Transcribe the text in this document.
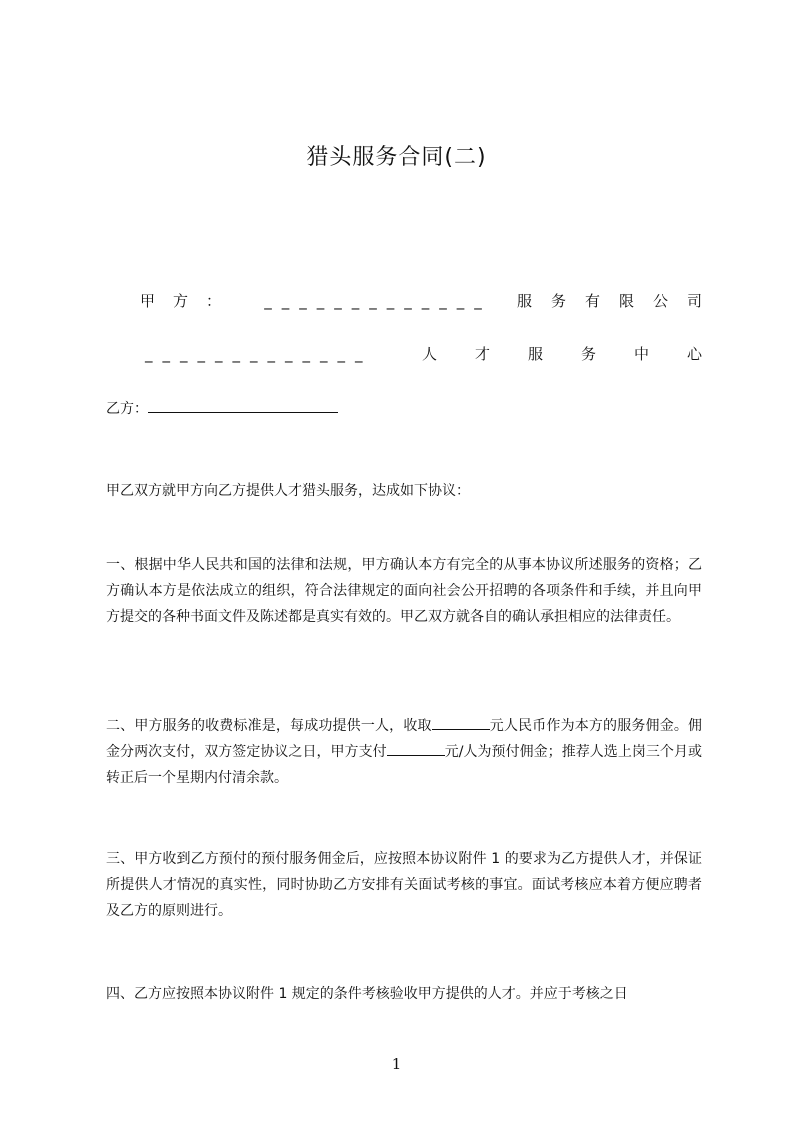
猎头服务合同(二)
甲方： _____________ 服务有限公司
_____________	人才服务中心
乙方：
甲乙双方就甲方向乙方提供人才猎头服务，达成如下协议：
一、根据中华人民共和国的法律和法规，甲方确认本方有完全的从事本协议所述服务的资格；乙方确认本方是依法成立的组织，符合法律规定的面向社会公开招聘的各项条件和手续，并且向甲方提交的各种书面文件及陈述都是真实有效的。甲乙双方就各自的确认承担相应的法律责任。
二、甲方服务的收费标准是，每成功提供一人，收取	元人民币作为本方的服务佣金。佣金分两次支付，双方签定协议之日，甲方支付	元/人为预付佣金；推荐人选上岗三个月或转正后一个星期内付清余款。
三、甲方收到乙方预付的预付服务佣金后，应按照本协议附件 1 的要求为乙方提供人才，并保证所提供人才情况的真实性，同时协助乙方安排有关面试考核的事宜。面试考核应本着方便应聘者及乙方的原则进行。
四、乙方应按照本协议附件 1 规定的条件考核验收甲方提供的人才。并应于考核之日
1
